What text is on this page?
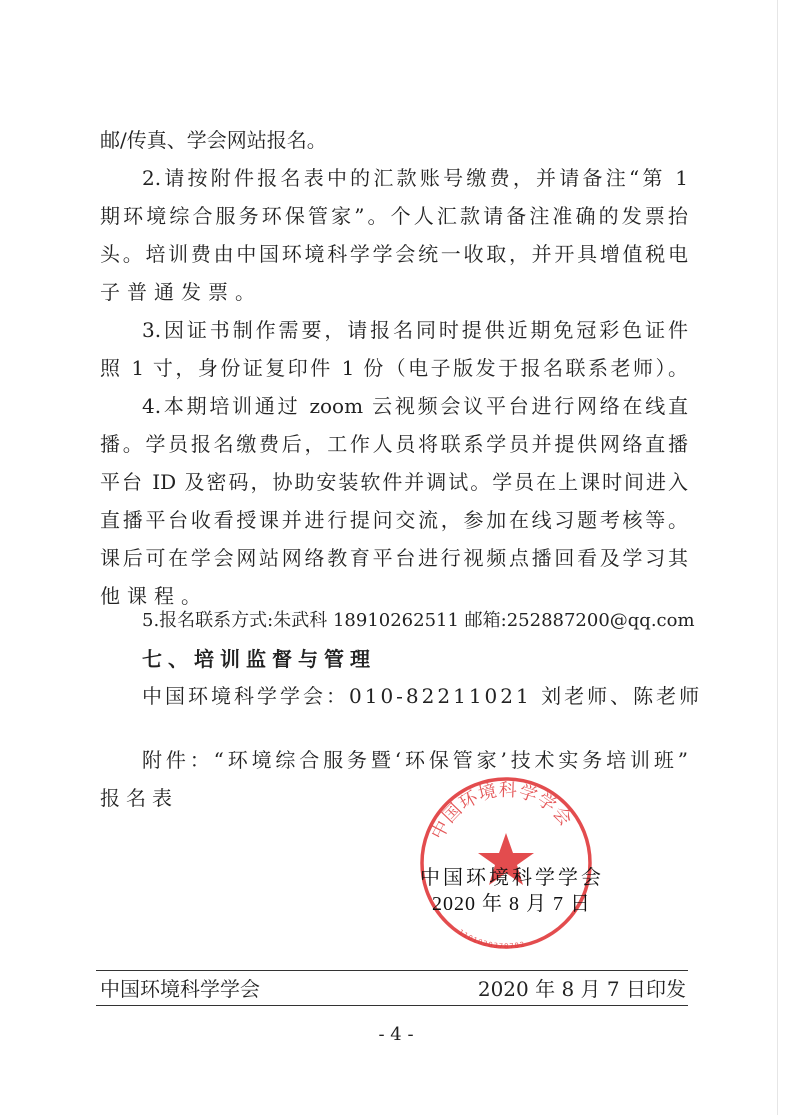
邮/传真、学会网站报名。
2.请按附件报名表中的汇款账号缴费，并请备注“第 1
期环境综合服务环保管家”。个人汇款请备注准确的发票抬
头。培训费由中国环境科学学会统一收取，并开具增值税电
子普通发票。
3.因证书制作需要，请报名同时提供近期免冠彩色证件
照 1 寸，身份证复印件 1 份（电子版发于报名联系老师）。
4.本期培训通过 zoom 云视频会议平台进行网络在线直
播。学员报名缴费后，工作人员将联系学员并提供网络直播
平台 ID 及密码，协助安装软件并调试。学员在上课时间进入
直播平台收看授课并进行提问交流，参加在线习题考核等。
课后可在学会网站网络教育平台进行视频点播回看及学习其
他课程。
5.报名联系方式:朱武科 18910262511 邮箱:252887200@qq.com
七、培训监督与管理
中国环境科学学会：010-82211021 刘老师、陈老师
附件：“环境综合服务暨‘环保管家’技术实务培训班”
报名表
中国环境科学学会
1101020378782
中国环境科学学会
2020 年 8 月 7 日
中国环境科学学会	2020 年 8 月 7 日印发
- 4 -
